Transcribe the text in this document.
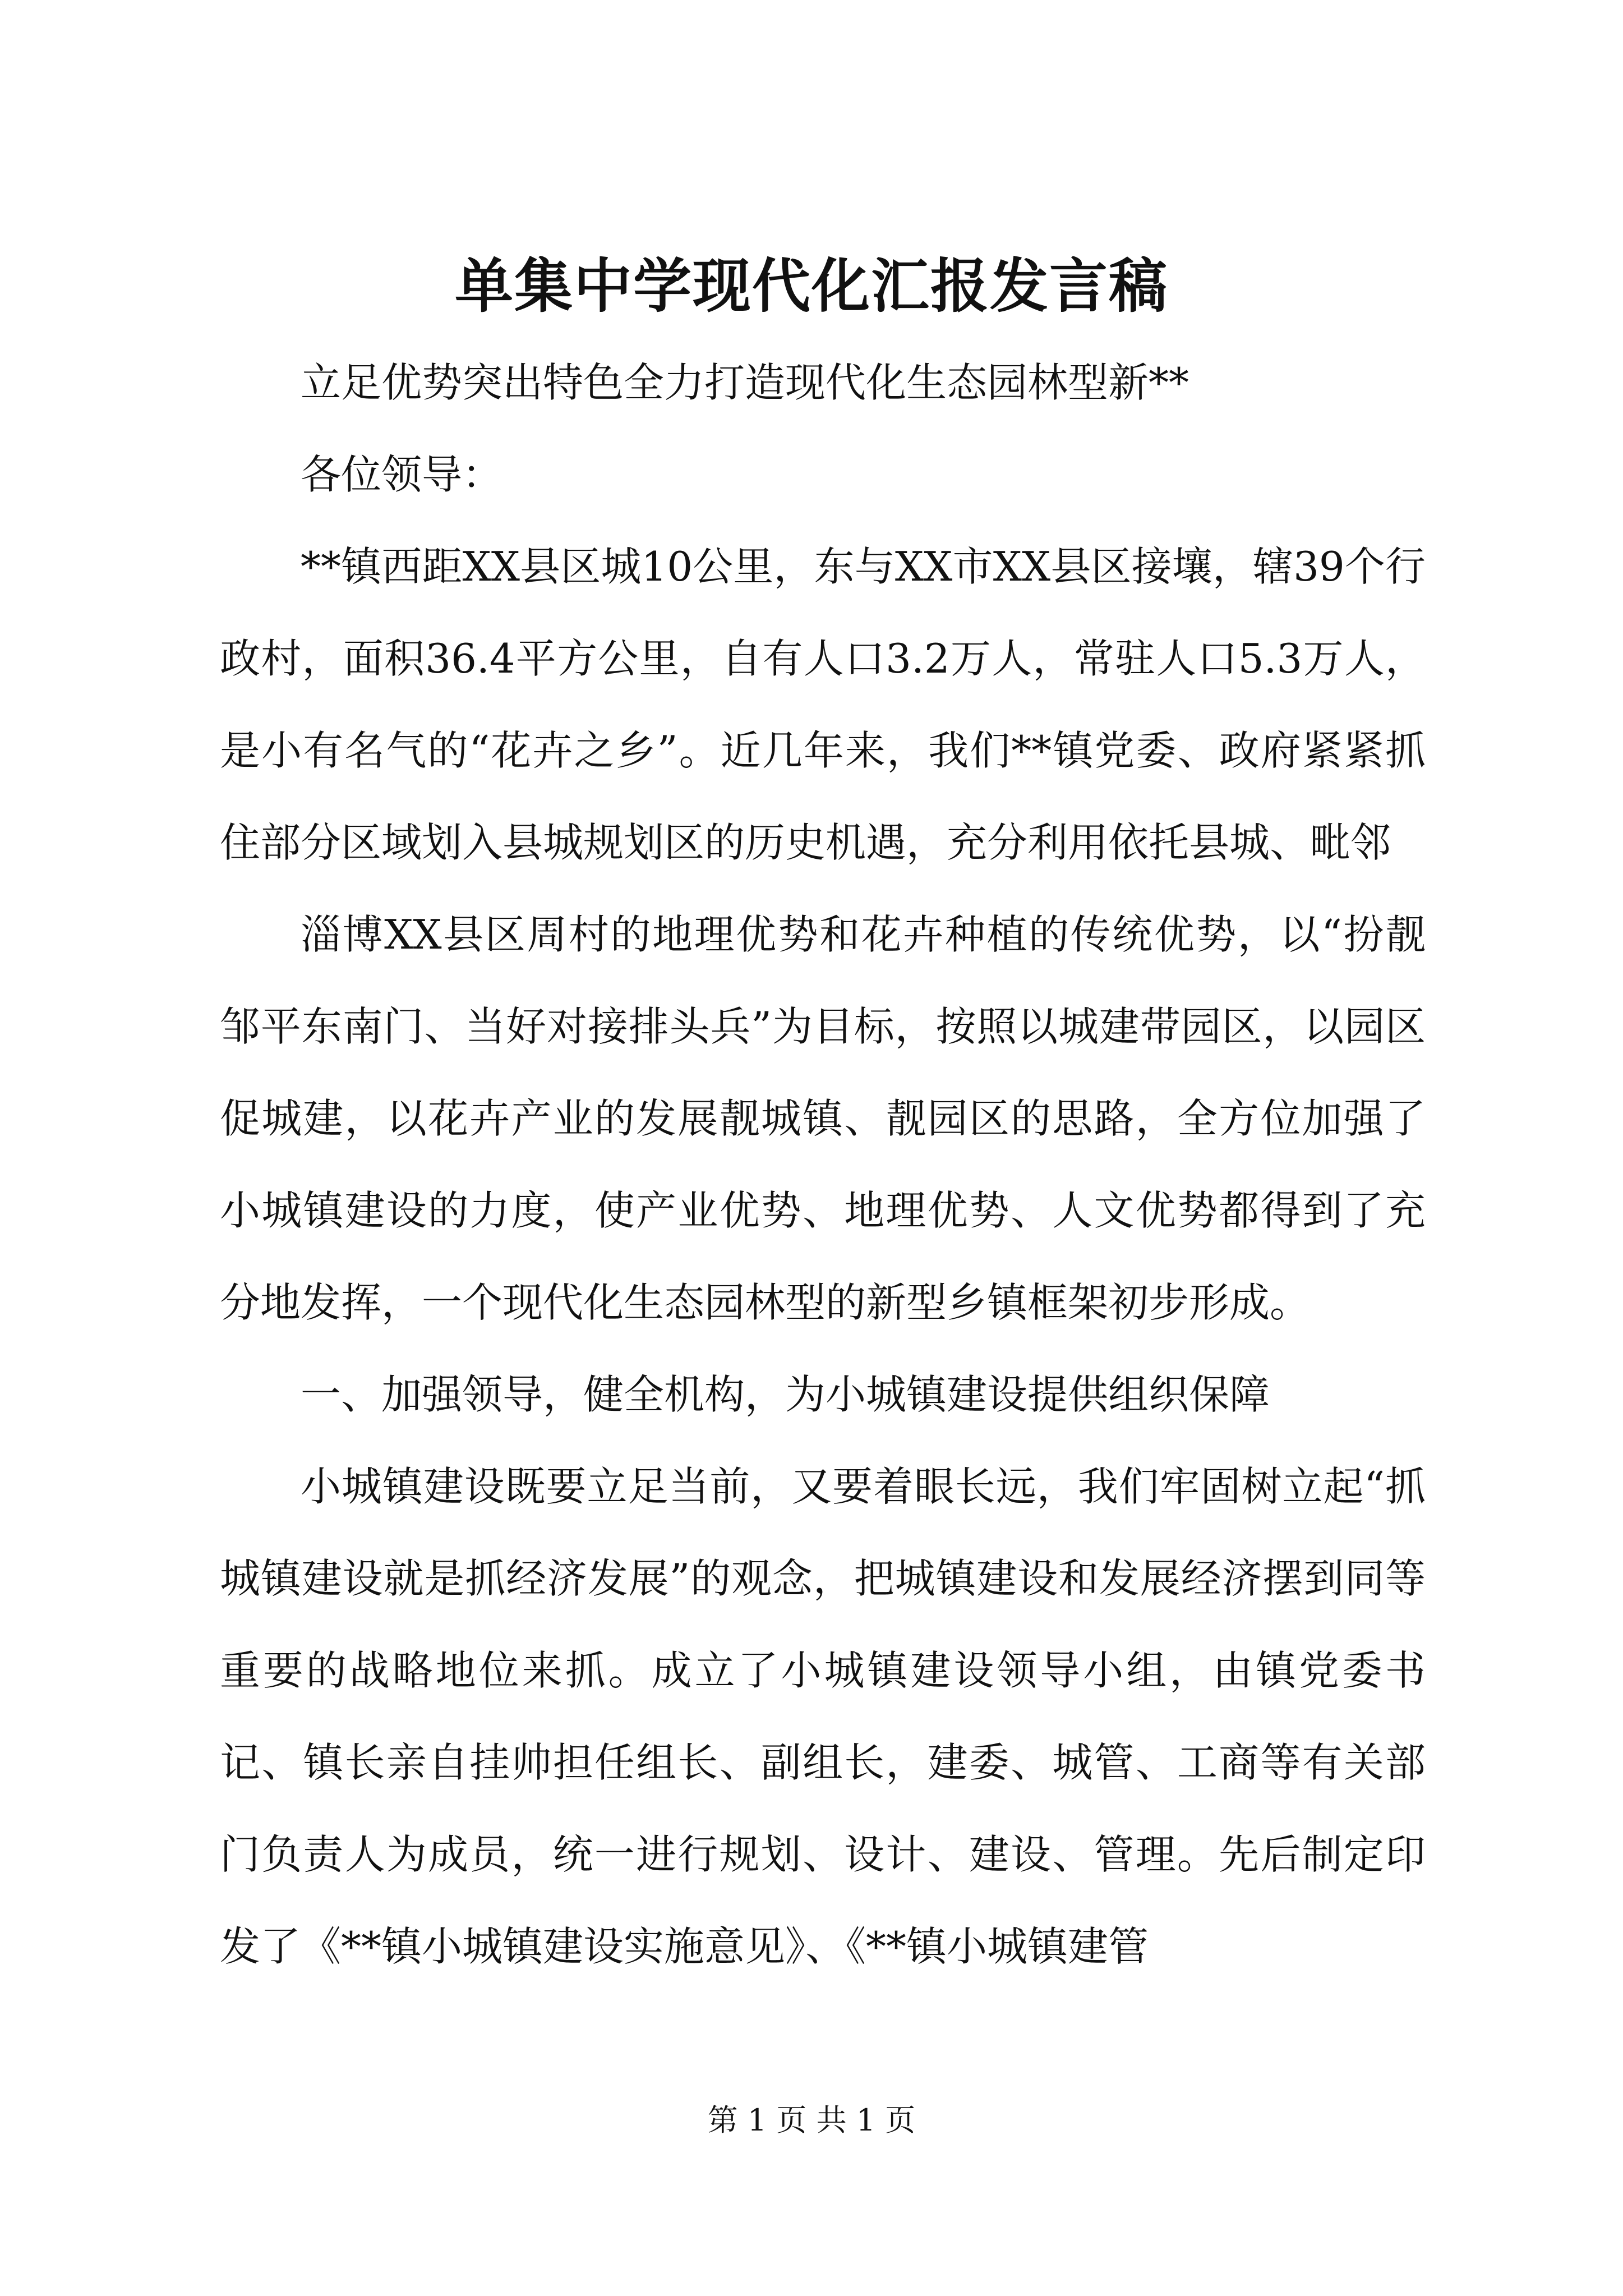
单集中学现代化汇报发言稿

立足优势突出特色全力打造现代化生态园林型新**

各位领导：

**镇西距XX县区城10公里，东与XX市XX县区接壤，辖39个行政村，面积36.4平方公里，自有人口3.2万人，常驻人口5.3万人，是小有名气的“花卉之乡”。近几年来，我们**镇党委、政府紧紧抓住部分区域划入县城规划区的历史机遇，充分利用依托县城、毗邻

淄博XX县区周村的地理优势和花卉种植的传统优势，以“扮靓邹平东南门、当好对接排头兵”为目标，按照以城建带园区，以园区促城建，以花卉产业的发展靓城镇、靓园区的思路，全方位加强了小城镇建设的力度，使产业优势、地理优势、人文优势都得到了充分地发挥，一个现代化生态园林型的新型乡镇框架初步形成。

一、加强领导，健全机构，为小城镇建设提供组织保障

小城镇建设既要立足当前，又要着眼长远，我们牢固树立起“抓城镇建设就是抓经济发展”的观念，把城镇建设和发展经济摆到同等重要的战略地位来抓。成立了小城镇建设领导小组，由镇党委书记、镇长亲自挂帅担任组长、副组长，建委、城管、工商等有关部门负责人为成员，统一进行规划、设计、建设、管理。先后制定印发了《**镇小城镇建设实施意见》、《**镇小城镇建管

第 1 页 共 1 页
